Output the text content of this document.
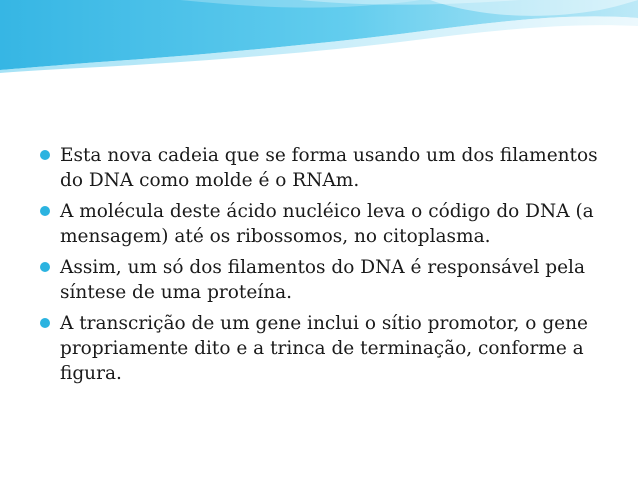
Esta nova cadeia que se forma usando um dos filamentos do DNA como molde é o RNAm.
A molécula deste ácido nucléico leva o código do DNA (a mensagem) até os ribossomos, no citoplasma.
Assim, um só dos filamentos do DNA é responsável pela síntese de uma proteína.
A transcrição de um gene inclui o sítio promotor, o gene propriamente dito e a trinca de terminação, conforme a figura.
